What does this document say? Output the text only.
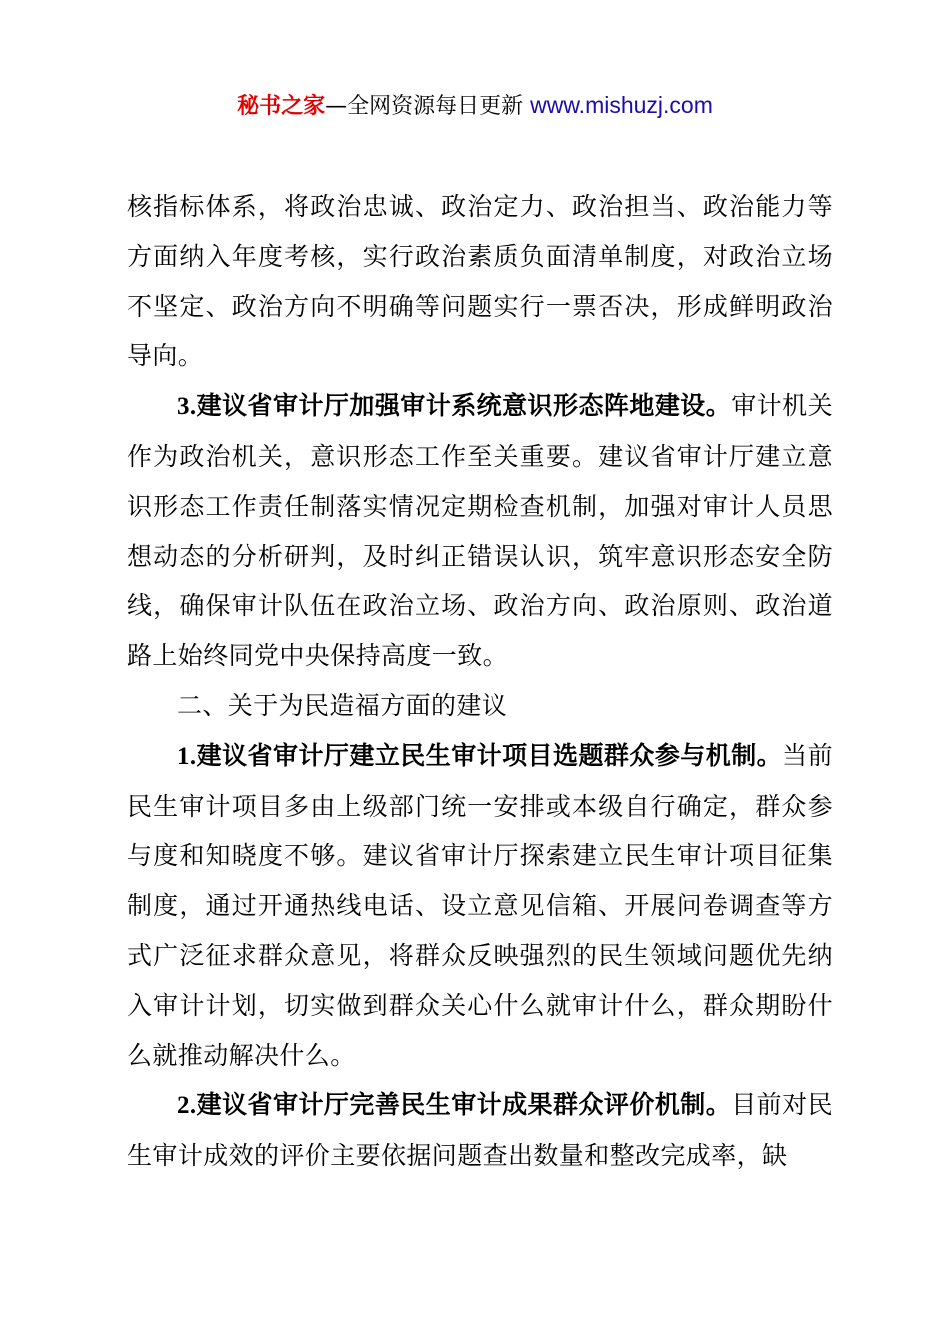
秘书之家—全网资源每日更新 www.mishuzj.com

核指标体系，将政治忠诚、政治定力、政治担当、政治能力等方面纳入年度考核，实行政治素质负面清单制度，对政治立场不坚定、政治方向不明确等问题实行一票否决，形成鲜明政治导向。

3.建议省审计厅加强审计系统意识形态阵地建设。审计机关作为政治机关，意识形态工作至关重要。建议省审计厅建立意识形态工作责任制落实情况定期检查机制，加强对审计人员思想动态的分析研判，及时纠正错误认识，筑牢意识形态安全防线，确保审计队伍在政治立场、政治方向、政治原则、政治道路上始终同党中央保持高度一致。

二、关于为民造福方面的建议

1.建议省审计厅建立民生审计项目选题群众参与机制。当前民生审计项目多由上级部门统一安排或本级自行确定，群众参与度和知晓度不够。建议省审计厅探索建立民生审计项目征集制度，通过开通热线电话、设立意见信箱、开展问卷调查等方式广泛征求群众意见，将群众反映强烈的民生领域问题优先纳入审计计划，切实做到群众关心什么就审计什么，群众期盼什么就推动解决什么。

2.建议省审计厅完善民生审计成果群众评价机制。目前对民生审计成效的评价主要依据问题查出数量和整改完成率，缺
